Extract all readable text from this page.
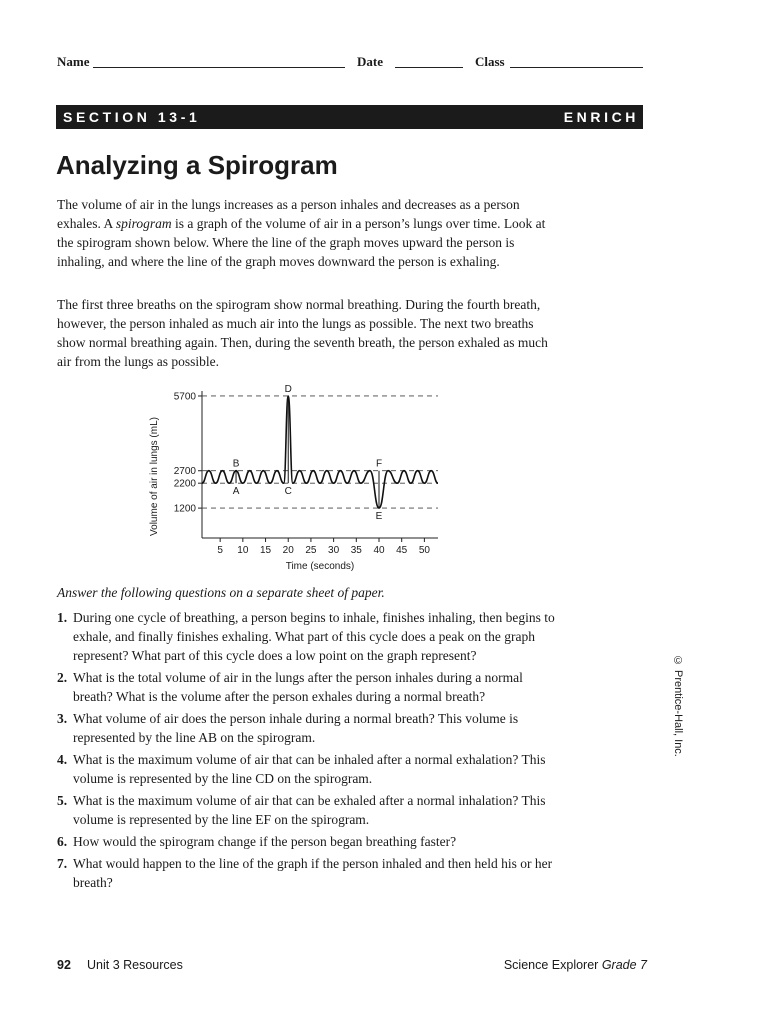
Name	Date	Class
SECTION 13-1	ENRICH
Analyzing a Spirogram

The volume of air in the lungs increases as a person inhales and decreases as a person exhales. A spirogram is a graph of the volume of air in a person’s lungs over time. Look at the spirogram shown below. Where the line of the graph moves upward the person is inhaling, and where the line of the graph moves downward the person is exhaling.

The first three breaths on the spirogram show normal breathing. During the fourth breath, however, the person inhaled as much air into the lungs as possible. The next two breaths show normal breathing again. Then, during the seventh breath, the person exhaled as much air from the lungs as possible.

5700
2700
2200
1200
5 10 15 20 25 30 35 40 45 50
Time (seconds)
Volume of air in lungs (mL)	A
B
C
D
E
F

Answer the following questions on a separate sheet of paper.

1. During one cycle of breathing, a person begins to inhale, finishes inhaling, then begins to exhale, and finally finishes exhaling. What part of this cycle does a peak on the graph represent? What part of this cycle does a low point on the graph represent?
2. What is the total volume of air in the lungs after the person inhales during a normal breath? What is the volume after the person exhales during a normal breath?
3. What volume of air does the person inhale during a normal breath? This volume is represented by the line AB on the spirogram.
4. What is the maximum volume of air that can be inhaled after a normal exhalation? This volume is represented by the line CD on the spirogram.
5. What is the maximum volume of air that can be exhaled after a normal inhalation? This volume is represented by the line EF on the spirogram.
6. How would the spirogram change if the person began breathing faster?
7. What would happen to the line of the graph if the person inhaled and then held his or her breath?
© Prentice-Hall, Inc.
92 Unit 3 Resources	Science Explorer Grade 7
